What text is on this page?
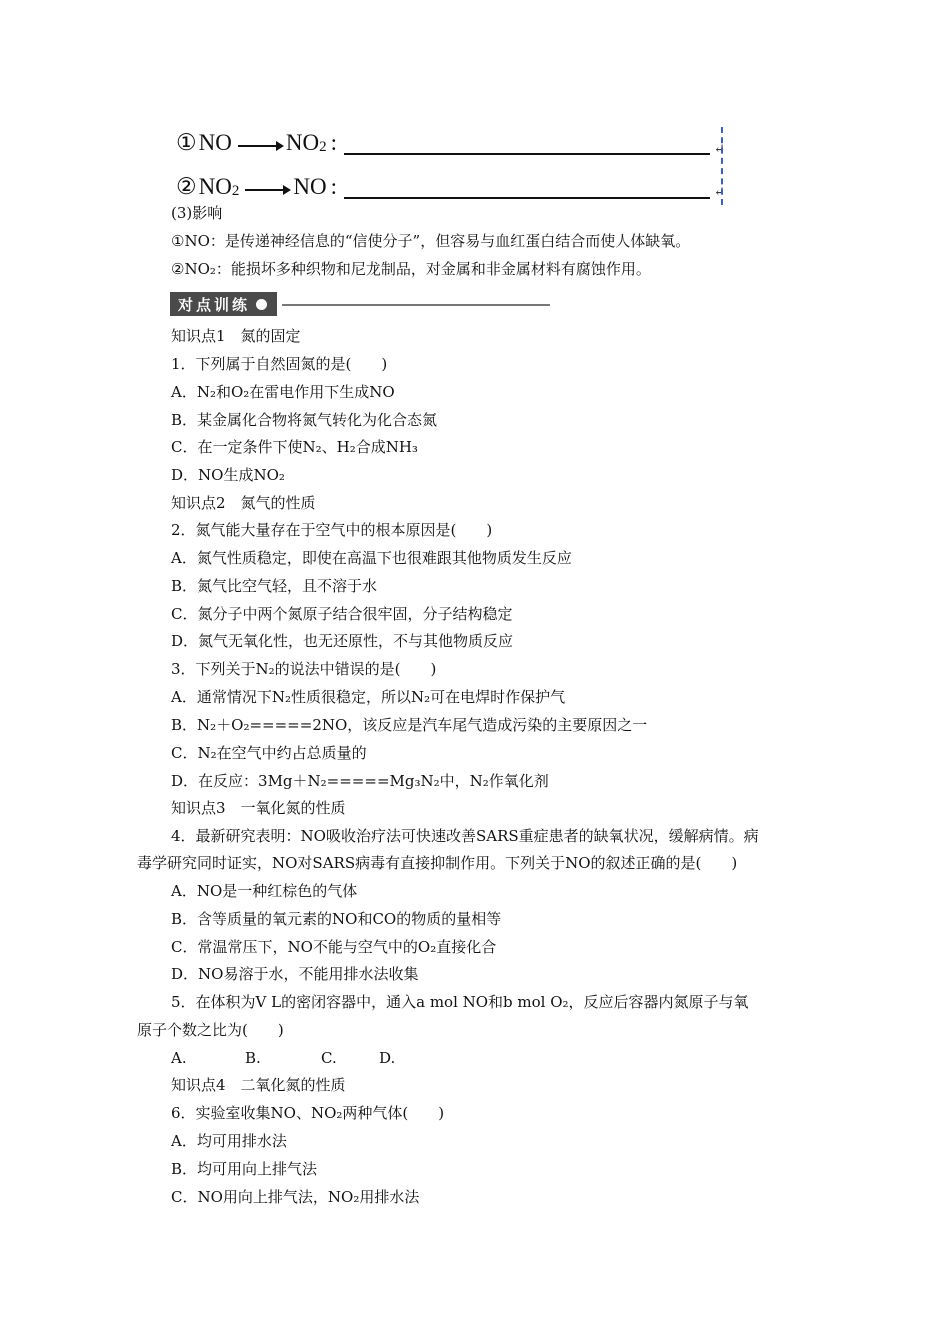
① NO → NO 2 :	↵
② NO 2 → NO :	↵
(3)影响
①NO：是传递神经信息的“信使分子”，但容易与血红蛋白结合而使人体缺氧。
②NO₂：能损坏多种织物和尼龙制品，对金属和非金属材料有腐蚀作用。
对点训练
知识点1　氮的固定
1．下列属于自然固氮的是(　　)
A．N₂和O₂在雷电作用下生成NO
B．某金属化合物将氮气转化为化合态氮
C．在一定条件下使N₂、H₂合成NH₃
D．NO生成NO₂
知识点2　氮气的性质
2．氮气能大量存在于空气中的根本原因是(　　)
A．氮气性质稳定，即使在高温下也很难跟其他物质发生反应
B．氮气比空气轻，且不溶于水
C．氮分子中两个氮原子结合很牢固，分子结构稳定
D．氮气无氧化性，也无还原性，不与其他物质反应
3．下列关于N₂的说法中错误的是(　　)
A．通常情况下N₂性质很稳定，所以N₂可在电焊时作保护气
B．N₂＋O₂=====2NO，该反应是汽车尾气造成污染的主要原因之一
C．N₂在空气中约占总质量的
D．在反应：3Mg＋N₂=====Mg₃N₂中，N₂作氧化剂
知识点3　一氧化氮的性质
4．最新研究表明：NO吸收治疗法可快速改善SARS重症患者的缺氧状况，缓解病情。病
毒学研究同时证实，NO对SARS病毒有直接抑制作用。下列关于NO的叙述正确的是(　　)
A．NO是一种红棕色的气体
B．含等质量的氧元素的NO和CO的物质的量相等
C．常温常压下，NO不能与空气中的O₂直接化合
D．NO易溶于水，不能用排水法收集
5．在体积为V L的密闭容器中，通入a mol NO和b mol O₂，反应后容器内氮原子与氧
原子个数之比为(　　)
A.	B.	C.	D.
知识点4　二氧化氮的性质
6．实验室收集NO、NO₂两种气体(　　)
A．均可用排水法
B．均可用向上排气法
C．NO用向上排气法，NO₂用排水法
